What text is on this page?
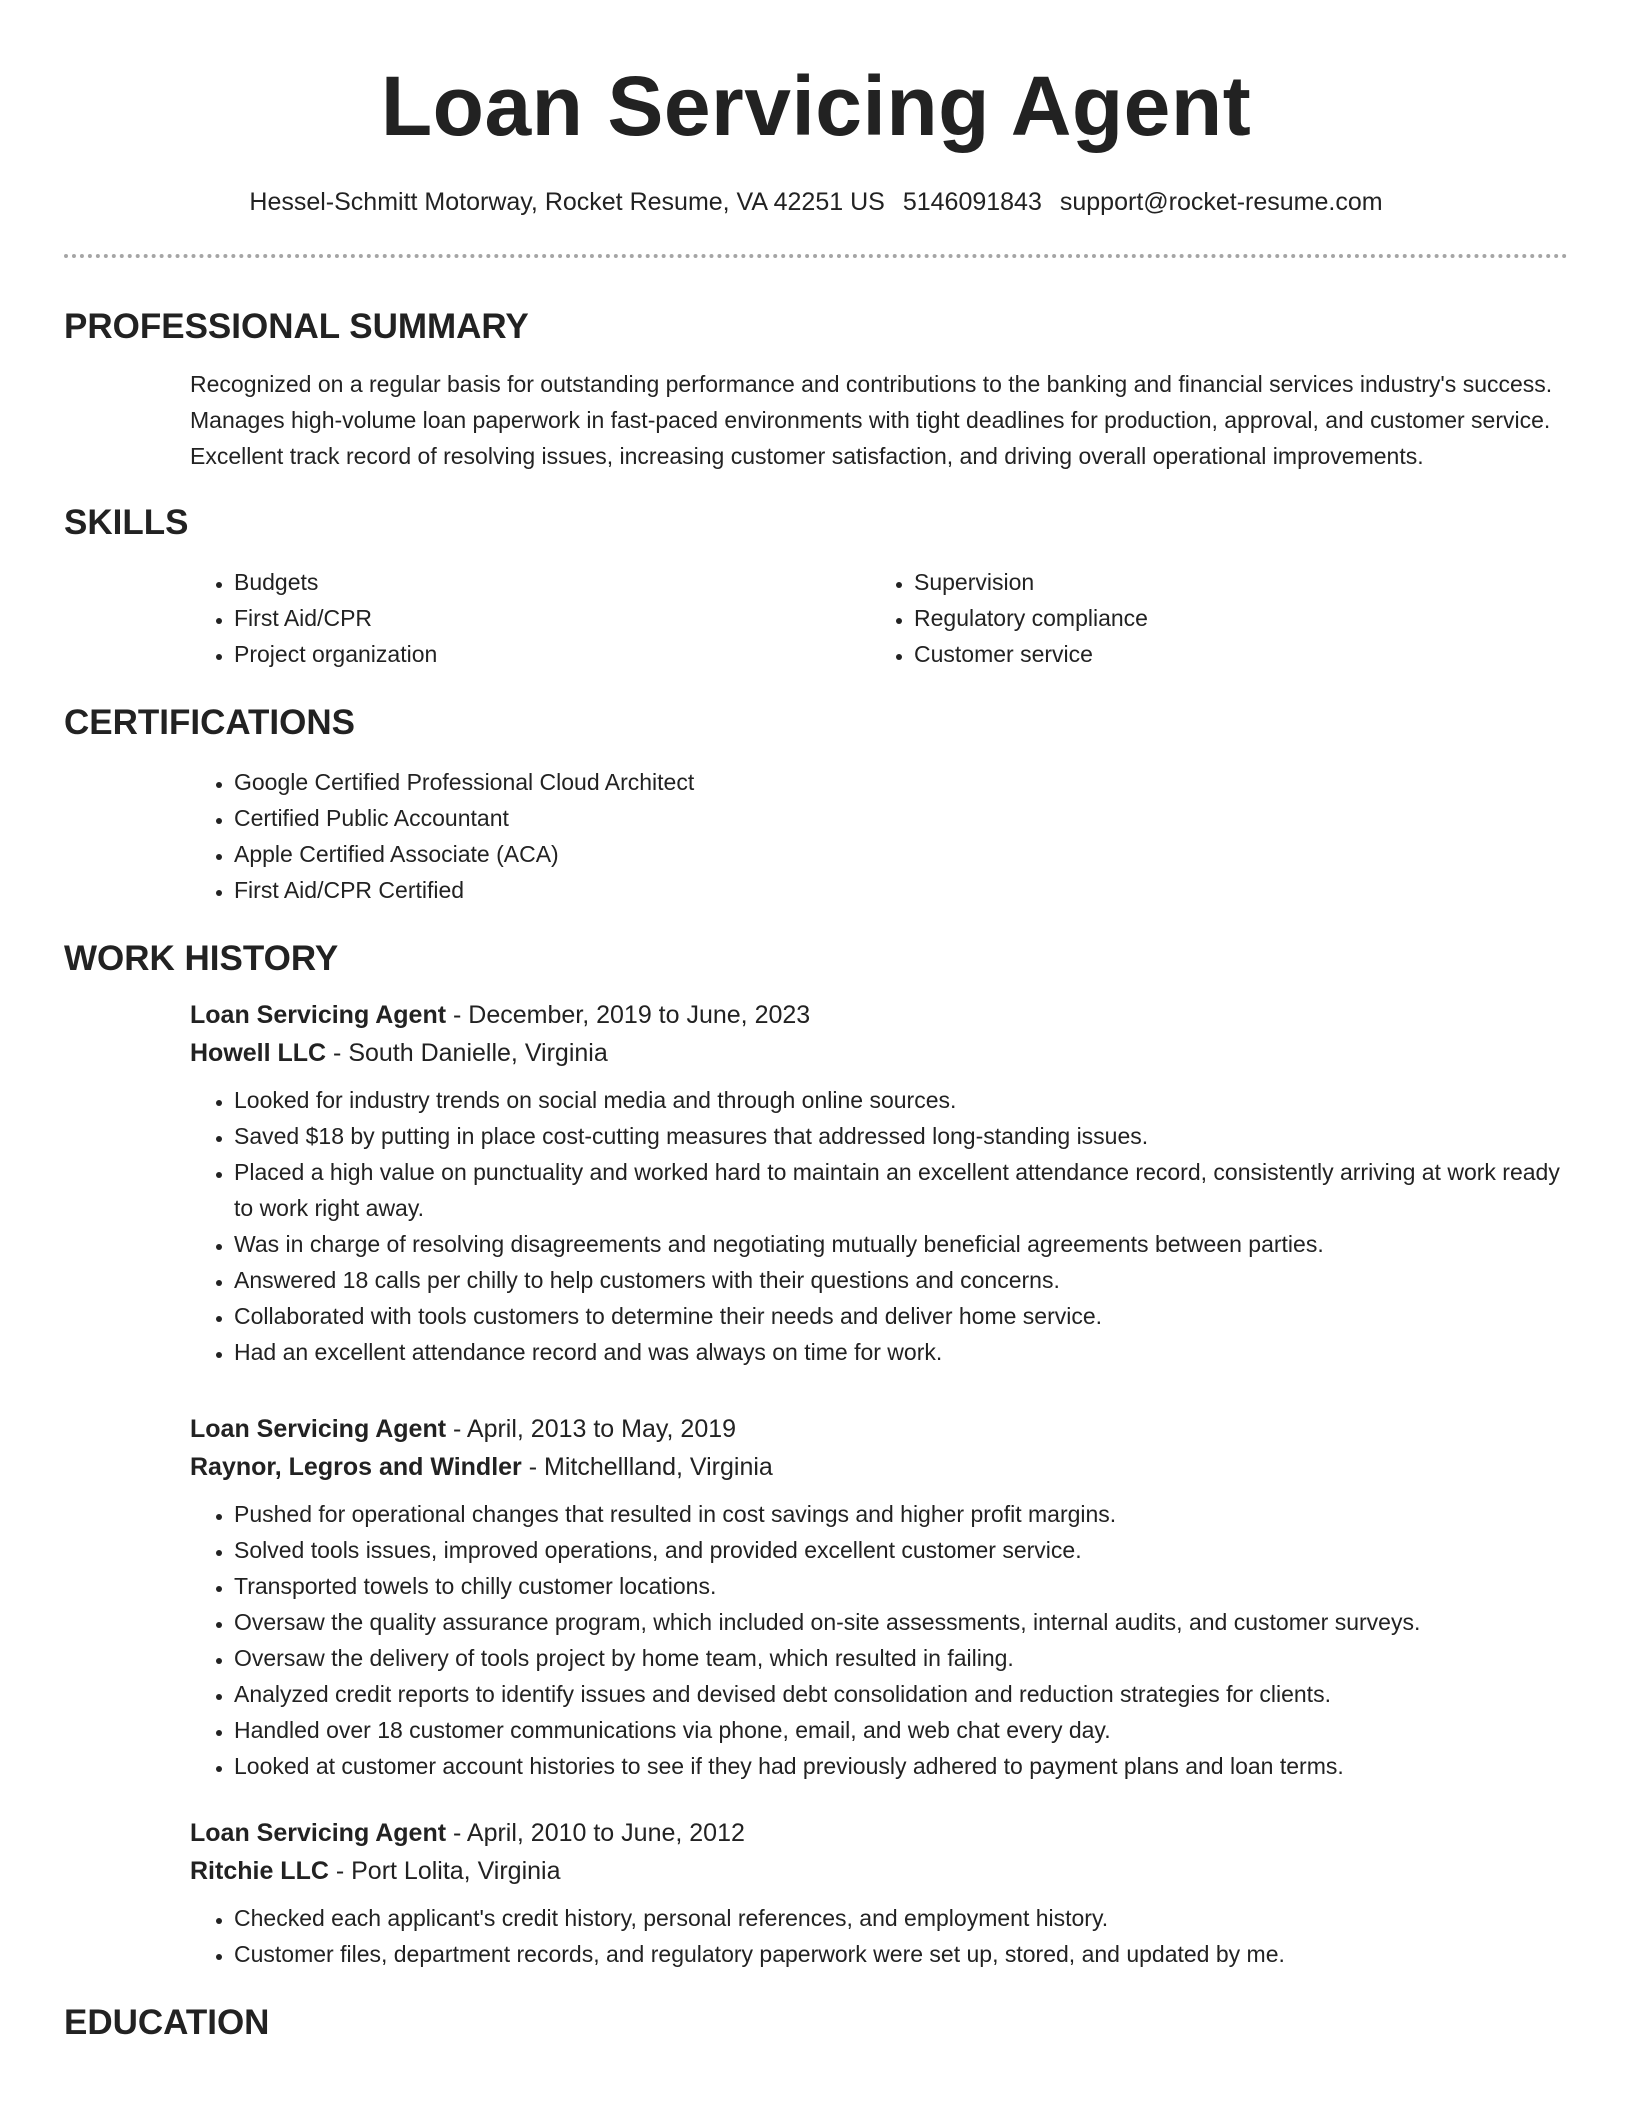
Loan Servicing Agent
Hessel-Schmitt Motorway, Rocket Resume, VA 42251 US 5146091843 support@rocket-resume.com
PROFESSIONAL SUMMARY

Recognized on a regular basis for outstanding performance and contributions to the banking and financial services industry's success. Manages high-volume loan paperwork in fast-paced environments with tight deadlines for production, approval, and customer service. Excellent track record of resolving issues, increasing customer satisfaction, and driving overall operational improvements.

SKILLS
• Budgets
• First Aid/CPR
• Project organization
• Supervision
• Regulatory compliance
• Customer service
CERTIFICATIONS
• Google Certified Professional Cloud Architect
• Certified Public Accountant
• Apple Certified Associate (ACA)
• First Aid/CPR Certified
WORK HISTORY

Loan Servicing Agent - December, 2019 to June, 2023

Howell LLC - South Danielle, Virginia

• Looked for industry trends on social media and through online sources.
• Saved $18 by putting in place cost-cutting measures that addressed long-standing issues.
• Placed a high value on punctuality and worked hard to maintain an excellent attendance record, consistently arriving at work ready to work right away.
• Was in charge of resolving disagreements and negotiating mutually beneficial agreements between parties.
• Answered 18 calls per chilly to help customers with their questions and concerns.
• Collaborated with tools customers to determine their needs and deliver home service.
• Had an excellent attendance record and was always on time for work.

Loan Servicing Agent - April, 2013 to May, 2019

Raynor, Legros and Windler - Mitchellland, Virginia

• Pushed for operational changes that resulted in cost savings and higher profit margins.
• Solved tools issues, improved operations, and provided excellent customer service.
• Transported towels to chilly customer locations.
• Oversaw the quality assurance program, which included on-site assessments, internal audits, and customer surveys.
• Oversaw the delivery of tools project by home team, which resulted in failing.
• Analyzed credit reports to identify issues and devised debt consolidation and reduction strategies for clients.
• Handled over 18 customer communications via phone, email, and web chat every day.
• Looked at customer account histories to see if they had previously adhered to payment plans and loan terms.

Loan Servicing Agent - April, 2010 to June, 2012

Ritchie LLC - Port Lolita, Virginia

• Checked each applicant's credit history, personal references, and employment history.
• Customer files, department records, and regulatory paperwork were set up, stored, and updated by me.
EDUCATION
